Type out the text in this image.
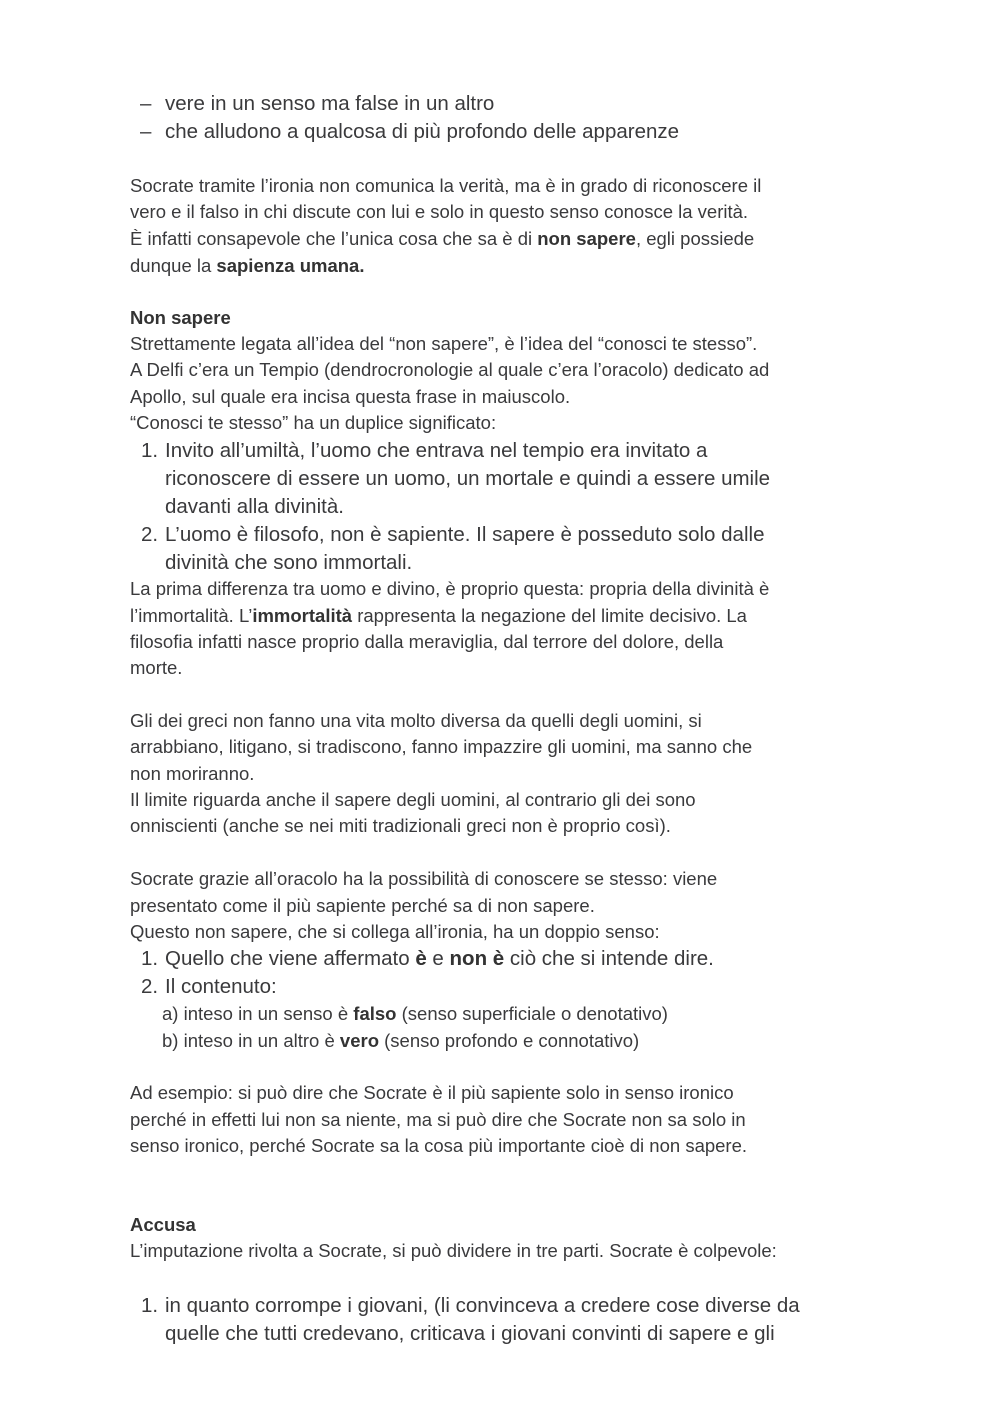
– vere in un senso ma false in un altro
– che alludono a qualcosa di più profondo delle apparenze
Socrate tramite l’ironia non comunica la verità, ma è in grado di riconoscere il
vero e il falso in chi discute con lui e solo in questo senso conosce la verità.
È infatti consapevole che l’unica cosa che sa è di non sapere, egli possiede
dunque la sapienza umana.
Non sapere
Strettamente legata all’idea del “non sapere”, è l’idea del “conosci te stesso”.
A Delfi c’era un Tempio (dendrocronologie al quale c’era l’oracolo) dedicato ad
Apollo, sul quale era incisa questa frase in maiuscolo.
“Conosci te stesso” ha un duplice significato:
1. Invito all’umiltà, l’uomo che entrava nel tempio era invitato a
riconoscere di essere un uomo, un mortale e quindi a essere umile
davanti alla divinità.
2. L’uomo è filosofo, non è sapiente. Il sapere è posseduto solo dalle
divinità che sono immortali.
La prima differenza tra uomo e divino, è proprio questa: propria della divinità è
l’immortalità. L’immortalità rappresenta la negazione del limite decisivo. La
filosofia infatti nasce proprio dalla meraviglia, dal terrore del dolore, della
morte.
Gli dei greci non fanno una vita molto diversa da quelli degli uomini, si
arrabbiano, litigano, si tradiscono, fanno impazzire gli uomini, ma sanno che
non moriranno.
Il limite riguarda anche il sapere degli uomini, al contrario gli dei sono
onniscienti (anche se nei miti tradizionali greci non è proprio così).
Socrate grazie all’oracolo ha la possibilità di conoscere se stesso: viene
presentato come il più sapiente perché sa di non sapere.
Questo non sapere, che si collega all’ironia, ha un doppio senso:
1. Quello che viene affermato è e non è ciò che si intende dire.
2. Il contenuto:
a) inteso in un senso è falso (senso superficiale o denotativo)
b) inteso in un altro è vero (senso profondo e connotativo)
Ad esempio: si può dire che Socrate è il più sapiente solo in senso ironico
perché in effetti lui non sa niente, ma si può dire che Socrate non sa solo in
senso ironico, perché Socrate sa la cosa più importante cioè di non sapere.
Accusa
L’imputazione rivolta a Socrate, si può dividere in tre parti. Socrate è colpevole:
1. in quanto corrompe i giovani, (li convinceva a credere cose diverse da
quelle che tutti credevano, criticava i giovani convinti di sapere e gli
